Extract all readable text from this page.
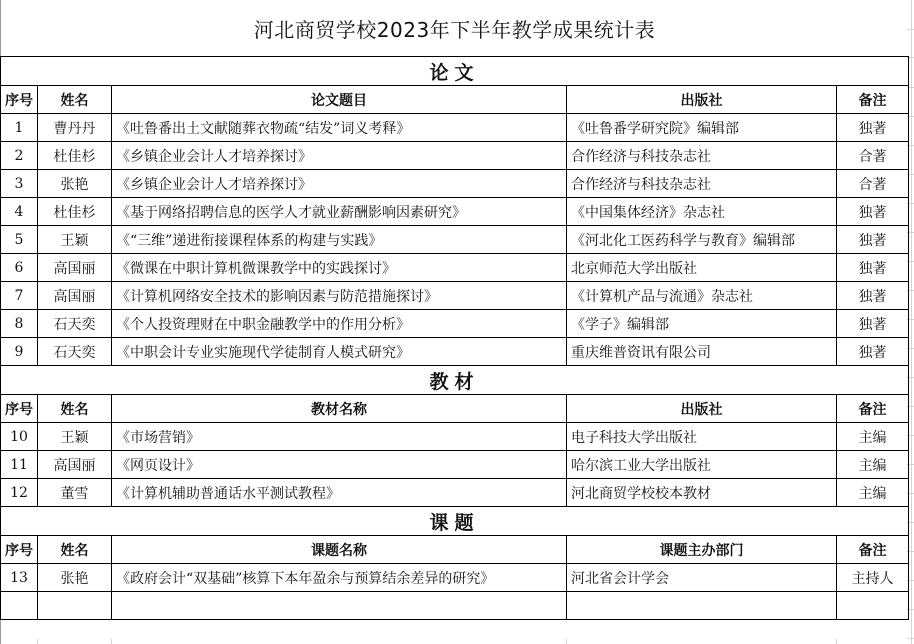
河北商贸学校2023年下半年教学成果统计表				
论文				
序号	姓名	论文题目	出版社	备注
1	曹丹丹	《吐鲁番出土文献随葬衣物疏“结发”词义考释》	《吐鲁番学研究院》编辑部	独著
2	杜佳杉	《乡镇企业会计人才培养探讨》	合作经济与科技杂志社	合著
3	张艳	《乡镇企业会计人才培养探讨》	合作经济与科技杂志社	合著
4	杜佳杉	《基于网络招聘信息的医学人才就业薪酬影响因素研究》	《中国集体经济》杂志社	独著
5	王颖	《“三维”递进衔接课程体系的构建与实践》	《河北化工医药科学与教育》编辑部	独著
6	高国丽	《微课在中职计算机微课教学中的实践探讨》	北京师范大学出版社	独著
7	高国丽	《计算机网络安全技术的影响因素与防范措施探讨》	《计算机产品与流通》杂志社	独著
8	石天奕	《个人投资理财在中职金融教学中的作用分析》	《学子》编辑部	独著
9	石天奕	《中职会计专业实施现代学徒制育人模式研究》	重庆维普资讯有限公司	独著
教材				
序号	姓名	教材名称	出版社	备注
10	王颖	《市场营销》	电子科技大学出版社	主编
11	高国丽	《网页设计》	哈尔滨工业大学出版社	主编
12	董雪	《计算机辅助普通话水平测试教程》	河北商贸学校校本教材	主编
课题				
序号	姓名	课题名称	课题主办部门	备注
13	张艳	《政府会计“双基础”核算下本年盈余与预算结余差异的研究》	河北省会计学会	主持人
